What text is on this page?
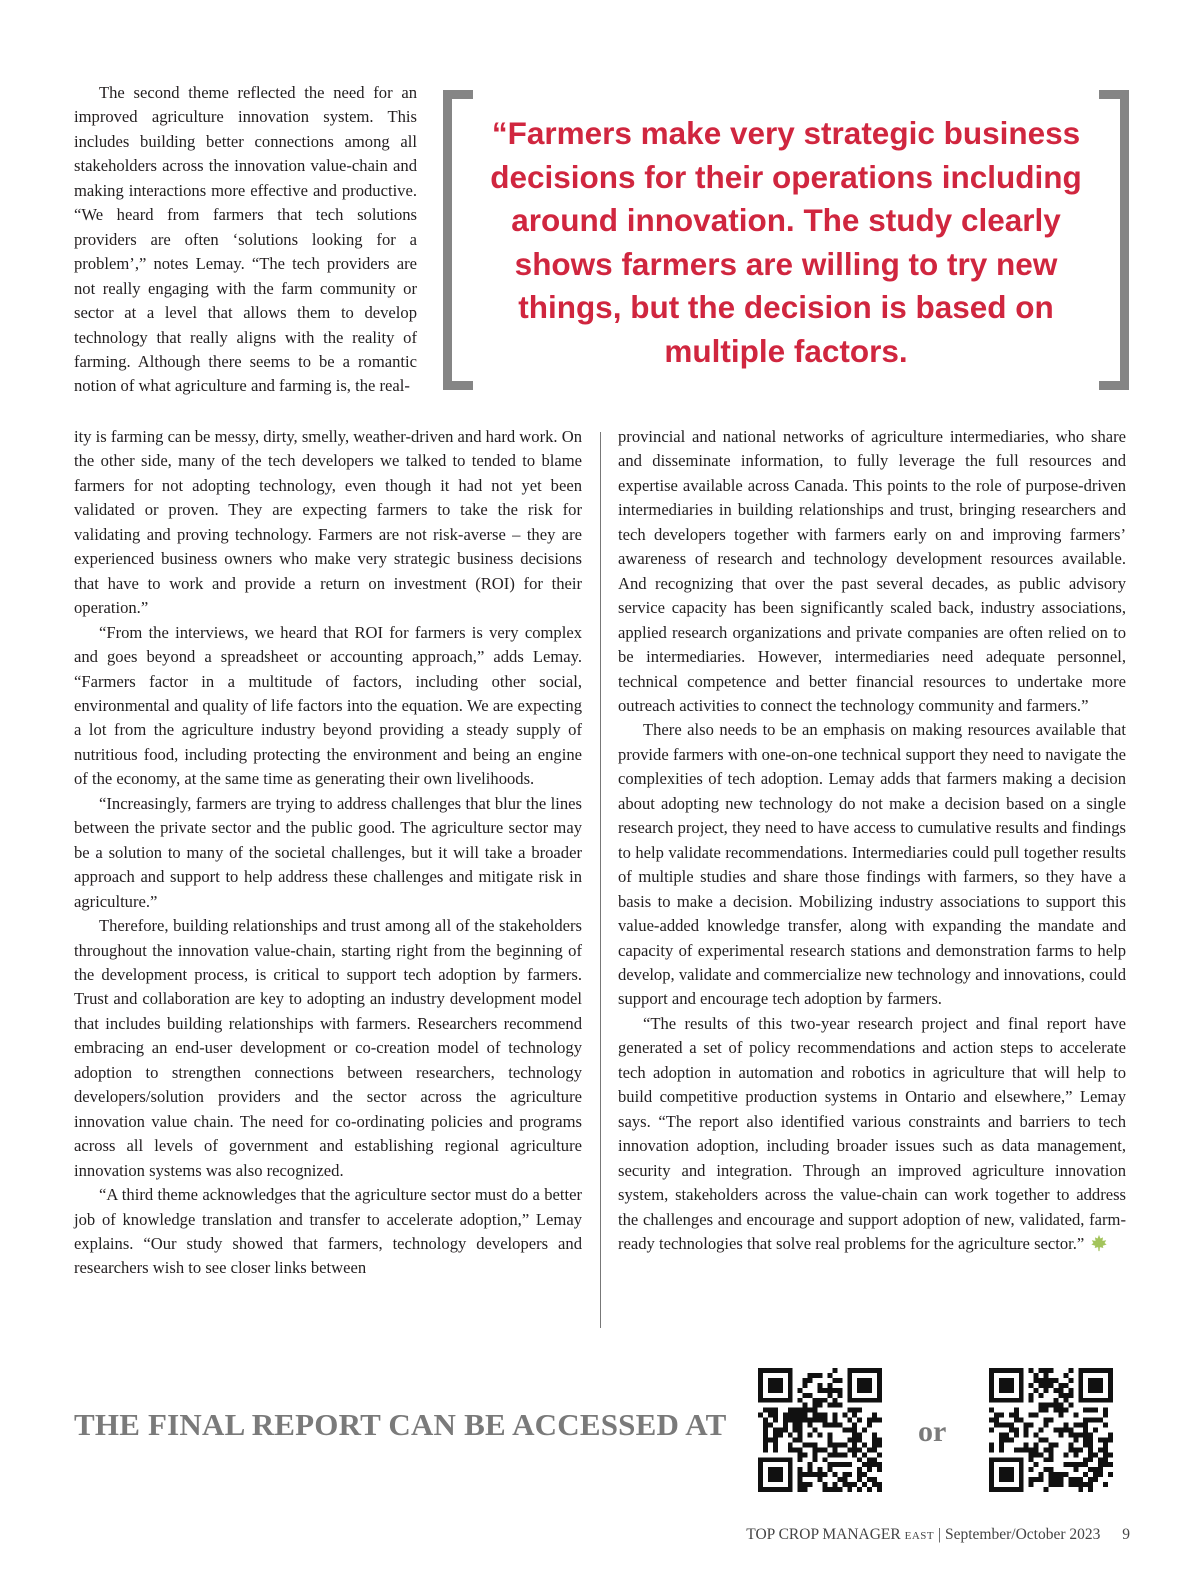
The second theme reflected the need for an improved agriculture innovation system. This includes building better connections among all stakeholders across the innovation value-chain and making interactions more effective and productive. “We heard from farmers that tech solutions providers are often ‘solutions looking for a problem’,” notes Lemay. “The tech providers are not really engaging with the farm community or sector at a level that allows them to develop technology that really aligns with the reality of farming. Although there seems to be a romantic notion of what agriculture and farming is, the real-

“Farmers make very strategic business decisions for their operations including around innovation. The study clearly shows farmers are willing to try new things, but the decision is based on multiple factors.

ity is farming can be messy, dirty, smelly, weather-driven and hard work. On the other side, many of the tech developers we talked to tended to blame farmers for not adopting technology, even though it had not yet been validated or proven. They are expecting farmers to take the risk for validating and proving technology. Farmers are not risk-averse – they are experienced business owners who make very strategic business decisions that have to work and provide a return on investment (ROI) for their operation.”

“From the interviews, we heard that ROI for farmers is very complex and goes beyond a spreadsheet or accounting approach,” adds Lemay. “Farmers factor in a multitude of factors, including other social, environmental and quality of life factors into the equation. We are expecting a lot from the agriculture industry beyond providing a steady supply of nutritious food, including protecting the environment and being an engine of the economy, at the same time as generating their own livelihoods.

“Increasingly, farmers are trying to address challenges that blur the lines between the private sector and the public good. The agriculture sector may be a solution to many of the societal challenges, but it will take a broader approach and support to help address these challenges and mitigate risk in agriculture.”

Therefore, building relationships and trust among all of the stakeholders throughout the innovation value-chain, starting right from the beginning of the development process, is critical to support tech adoption by farmers. Trust and collaboration are key to adopting an industry development model that includes building relationships with farmers. Researchers recommend embracing an end-user development or co-creation model of technology adoption to strengthen connections between researchers, technology developers/solution providers and the sector across the agriculture innovation value chain. The need for co-ordinating policies and programs across all levels of government and establishing regional agriculture innovation systems was also recognized.

“A third theme acknowledges that the agriculture sector must do a better job of knowledge translation and transfer to accelerate adoption,” Lemay explains. “Our study showed that farmers, technology developers and researchers wish to see closer links between

provincial and national networks of agriculture intermediaries, who share and disseminate information, to fully leverage the full resources and expertise available across Canada. This points to the role of purpose-driven intermediaries in building relationships and trust, bringing researchers and tech developers together with farmers early on and improving farmers’ awareness of research and technology development resources available. And recognizing that over the past several decades, as public advisory service capacity has been significantly scaled back, industry associations, applied research organizations and private companies are often relied on to be intermediaries. However, intermediaries need adequate personnel, technical competence and better financial resources to undertake more outreach activities to connect the technology community and farmers.”

There also needs to be an emphasis on making resources available that provide farmers with one-on-one technical support they need to navigate the complexities of tech adoption. Lemay adds that farmers making a decision about adopting new technology do not make a decision based on a single research project, they need to have access to cumulative results and findings to help validate recommendations. Intermediaries could pull together results of multiple studies and share those findings with farmers, so they have a basis to make a decision. Mobilizing industry associations to support this value-added knowledge transfer, along with expanding the mandate and capacity of experimental research stations and demonstration farms to help develop, validate and commercialize new technology and innovations, could support and encourage tech adoption by farmers.

“The results of this two-year research project and final report have generated a set of policy recommendations and action steps to accelerate tech adoption in automation and robotics in agriculture that will help to build competitive production systems in Ontario and elsewhere,” Lemay says. “The report also identified various constraints and barriers to tech innovation adoption, including broader issues such as data management, security and integration. Through an improved agriculture innovation system, stakeholders across the value-chain can work together to address the challenges and encourage and support adoption of new, validated, farm-ready technologies that solve real problems for the agriculture sector.”

THE FINAL REPORT CAN BE ACCESSED AT	or
TOP CROP MANAGER EAST | September/October 2023 9
